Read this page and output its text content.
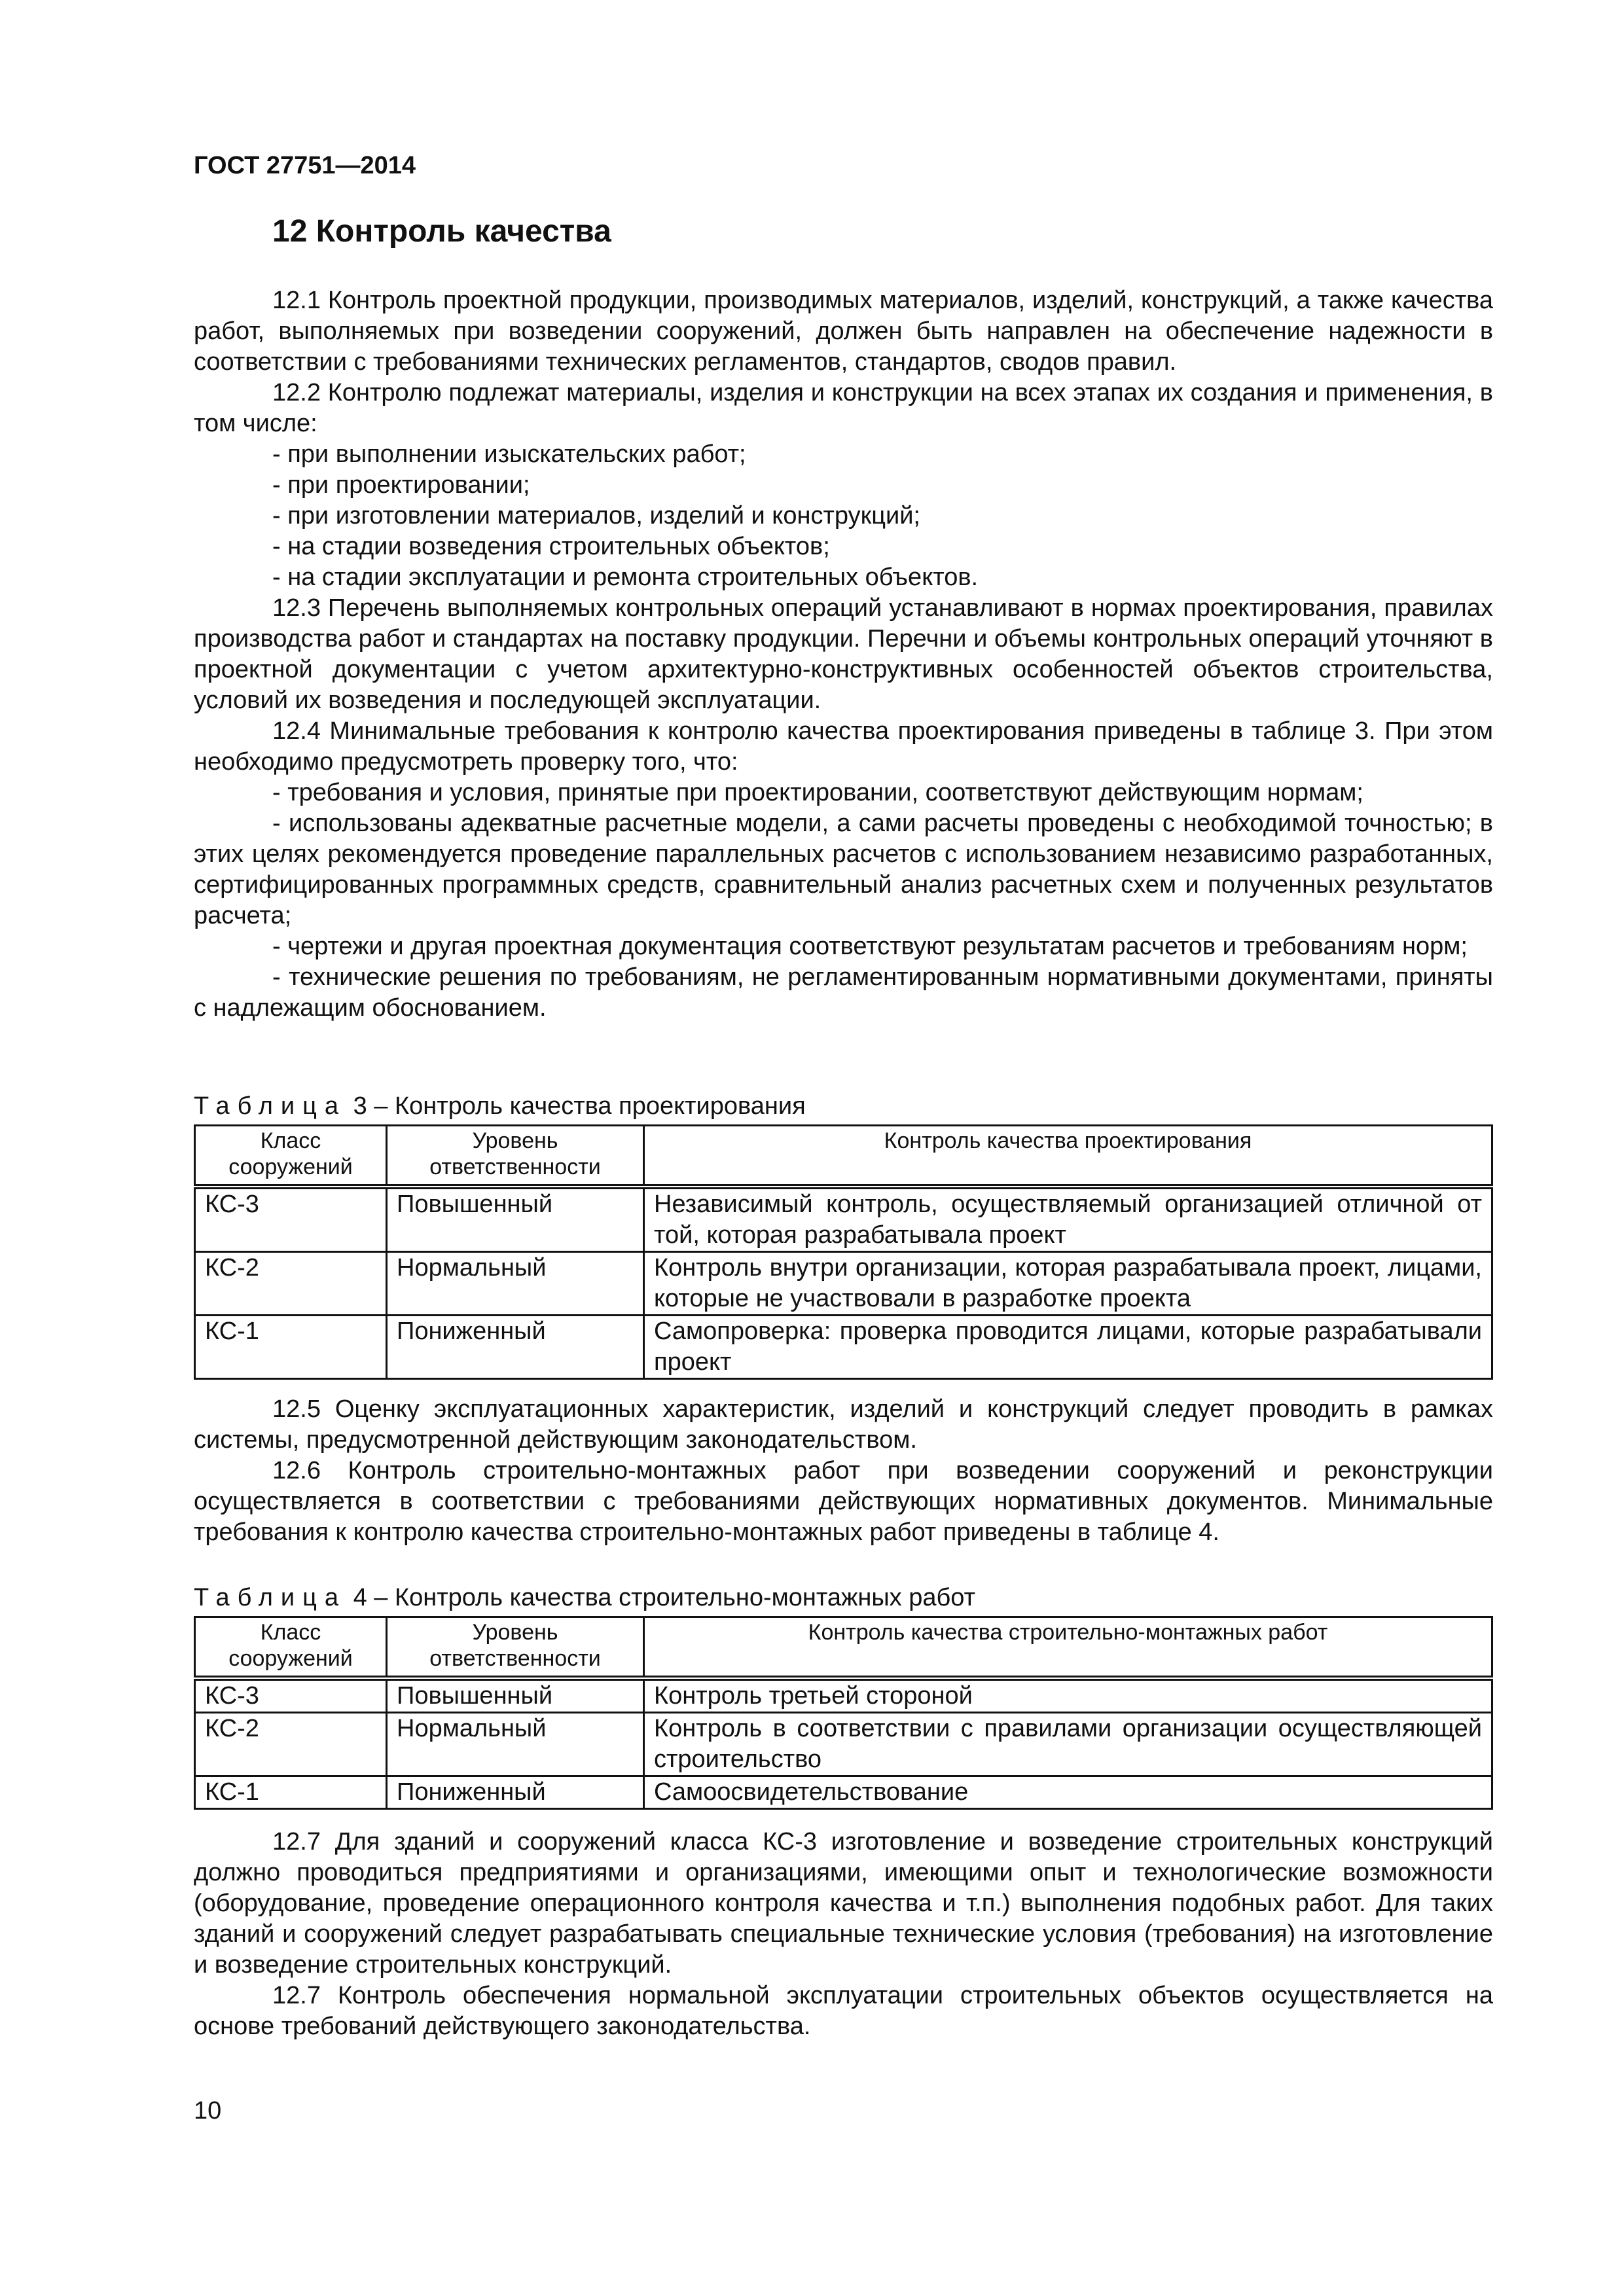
ГОСТ 27751—2014
12 Контроль качества

12.1 Контроль проектной продукции, производимых материалов, изделий, конструкций, а также качества работ, выполняемых при возведении сооружений, должен быть направлен на обеспечение надежности в соответствии с требованиями технических регламентов, стандартов, сводов правил.

12.2 Контролю подлежат материалы, изделия и конструкции на всех этапах их создания и применения, в том числе:

- при выполнении изыскательских работ;

- при проектировании;

- при изготовлении материалов, изделий и конструкций;

- на стадии возведения строительных объектов;

- на стадии эксплуатации и ремонта строительных объектов.

12.3 Перечень выполняемых контрольных операций устанавливают в нормах проектирования, правилах производства работ и стандартах на поставку продукции. Перечни и объемы контрольных операций уточняют в проектной документации с учетом архитектурно-конструктивных особенностей объектов строительства, условий их возведения и последующей эксплуатации.

12.4 Минимальные требования к контролю качества проектирования приведены в таблице 3. При этом необходимо предусмотреть проверку того, что:

- требования и условия, принятые при проектировании, соответствуют действующим нормам;

- использованы адекватные расчетные модели, а сами расчеты проведены с необходимой точностью; в этих целях рекомендуется проведение параллельных расчетов с использованием независимо разработанных, сертифицированных программных средств, сравнительный анализ расчетных схем и полученных результатов расчета;

- чертежи и другая проектная документация соответствуют результатам расчетов и требованиям норм;

- технические решения по требованиям, не регламентированным нормативными документами, приняты с надлежащим обоснованием.

Таблица 3 – Контроль качества проектирования

Класс сооружений	Уровень ответственности	Контроль качества проектирования
КС-3	Повышенный	Независимый контроль, осуществляемый организацией отличной от той, которая разрабатывала проект
КС-2	Нормальный	Контроль внутри организации, которая разрабатывала проект, лицами, которые не участвовали в разработке проекта
КС-1	Пониженный	Самопроверка: проверка проводится лицами, которые разрабатывали проект

12.5 Оценку эксплуатационных характеристик, изделий и конструкций следует проводить в рамках системы, предусмотренной действующим законодательством.

12.6 Контроль строительно-монтажных работ при возведении сооружений и реконструкции осуществляется в соответствии с требованиями действующих нормативных документов. Минимальные требования к контролю качества строительно-монтажных работ приведены в таблице 4.

Таблица 4 – Контроль качества строительно-монтажных работ

Класс сооружений	Уровень ответственности	Контроль качества строительно-монтажных работ
КС-3	Повышенный	Контроль третьей стороной
КС-2	Нормальный	Контроль в соответствии с правилами организации осуществляющей строительство
КС-1	Пониженный	Самоосвидетельствование

12.7 Для зданий и сооружений класса КС-3 изготовление и возведение строительных конструкций должно проводиться предприятиями и организациями, имеющими опыт и технологические возможности (оборудование, проведение операционного контроля качества и т.п.) выполнения подобных работ. Для таких зданий и сооружений следует разрабатывать специальные технические условия (требования) на изготовление и возведение строительных конструкций.

12.7 Контроль обеспечения нормальной эксплуатации строительных объектов осуществляется на основе требований действующего законодательства.

10
